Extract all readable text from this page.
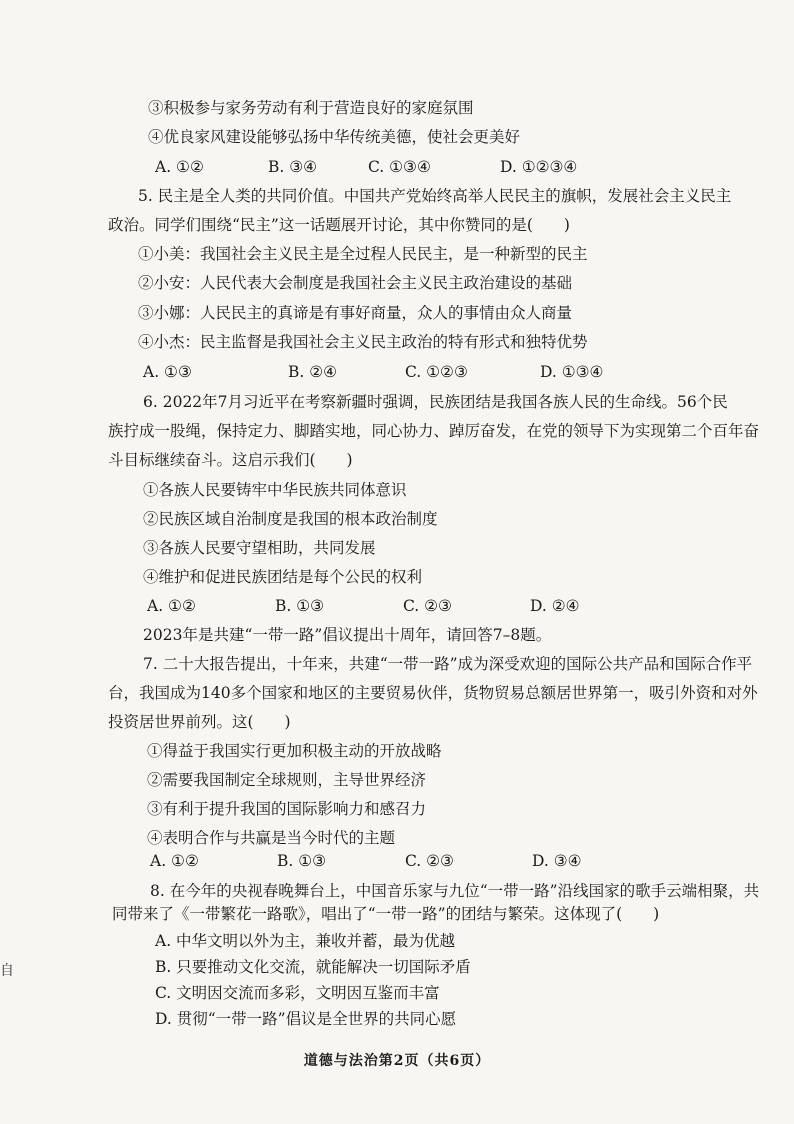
③积极参与家务劳动有利于营造良好的家庭氛围
④优良家风建设能够弘扬中华传统美德，使社会更美好
A. ①②	B. ③④	C. ①③④	D. ①②③④
5. 民主是全人类的共同价值。中国共产党始终高举人民民主的旗帜，发展社会主义民主
政治。同学们围绕“民主”这一话题展开讨论，其中你赞同的是(　　)
①小美：我国社会主义民主是全过程人民民主，是一种新型的民主
②小安：人民代表大会制度是我国社会主义民主政治建设的基础
③小娜：人民民主的真谛是有事好商量，众人的事情由众人商量
④小杰：民主监督是我国社会主义民主政治的特有形式和独特优势
A. ①③	B. ②④	C. ①②③	D. ①③④
6. 2022年7月习近平在考察新疆时强调，民族团结是我国各族人民的生命线。56个民
族拧成一股绳，保持定力、脚踏实地，同心协力、踔厉奋发，在党的领导下为实现第二个百年奋
斗目标继续奋斗。这启示我们(　　)
①各族人民要铸牢中华民族共同体意识
②民族区域自治制度是我国的根本政治制度
③各族人民要守望相助，共同发展
④维护和促进民族团结是每个公民的权利
A. ①②	B. ①③	C. ②③	D. ②④
2023年是共建“一带一路”倡议提出十周年，请回答7–8题。
7. 二十大报告提出，十年来，共建“一带一路”成为深受欢迎的国际公共产品和国际合作平
台，我国成为140多个国家和地区的主要贸易伙伴，货物贸易总额居世界第一，吸引外资和对外
投资居世界前列。这(　　)
①得益于我国实行更加积极主动的开放战略
②需要我国制定全球规则，主导世界经济
③有利于提升我国的国际影响力和感召力
④表明合作与共赢是当今时代的主题
A. ①②	B. ①③	C. ②③	D. ③④
8. 在今年的央视春晚舞台上，中国音乐家与九位“一带一路”沿线国家的歌手云端相聚，共
同带来了《一带繁花一路歌》，唱出了“一带一路”的团结与繁荣。这体现了(　　)
A. 中华文明以外为主，兼收并蓄，最为优越
B. 只要推动文化交流，就能解决一切国际矛盾
C. 文明因交流而多彩，文明因互鉴而丰富
D. 贯彻“一带一路”倡议是全世界的共同心愿
自
道德与法治第2页（共6页）
